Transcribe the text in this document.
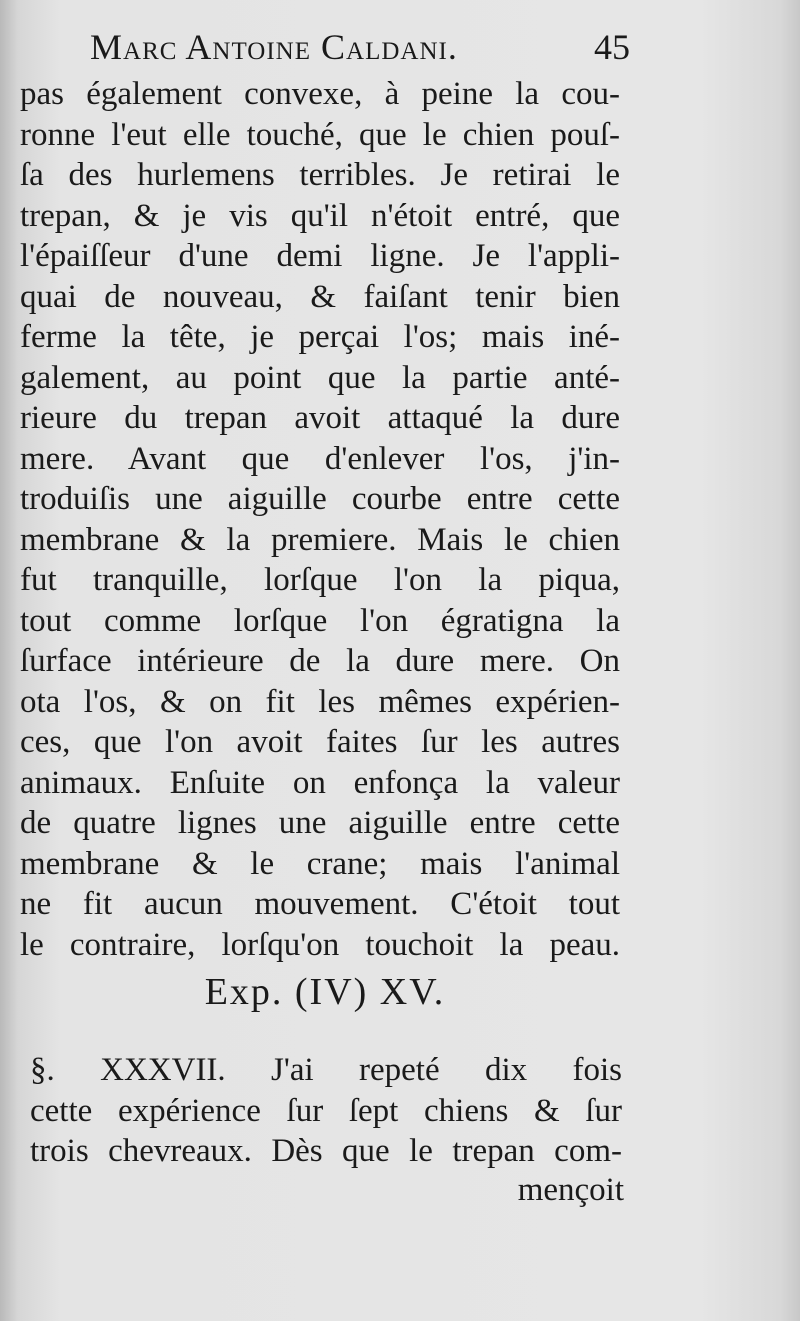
Marc Antoine Caldani.	45
pas également convexe, à peine la cou-
ronne l'eut elle touché, que le chien pouſ-
ſa des hurlemens terribles. Je retirai le
trepan, & je vis qu'il n'étoit entré, que
l'épaiſſeur d'une demi ligne. Je l'appli-
quai de nouveau, & faiſant tenir bien
ferme la tête, je perçai l'os; mais iné-
galement, au point que la partie anté-
rieure du trepan avoit attaqué la dure
mere. Avant que d'enlever l'os, j'in-
troduiſis une aiguille courbe entre cette
membrane & la premiere. Mais le chien
fut tranquille, lorſque l'on la piqua,
tout comme lorſque l'on égratigna la
ſurface intérieure de la dure mere. On
ota l'os, & on fit les mêmes expérien-
ces, que l'on avoit faites ſur les autres
animaux. Enſuite on enfonça la valeur
de quatre lignes une aiguille entre cette
membrane & le crane; mais l'animal
ne fit aucun mouvement. C'étoit tout
le contraire, lorſqu'on touchoit la peau.
Exp. (IV) XV.
§. XXXVII. J'ai repeté dix fois
cette expérience ſur ſept chiens & ſur
trois chevreaux. Dès que le trepan com-
mençoit
